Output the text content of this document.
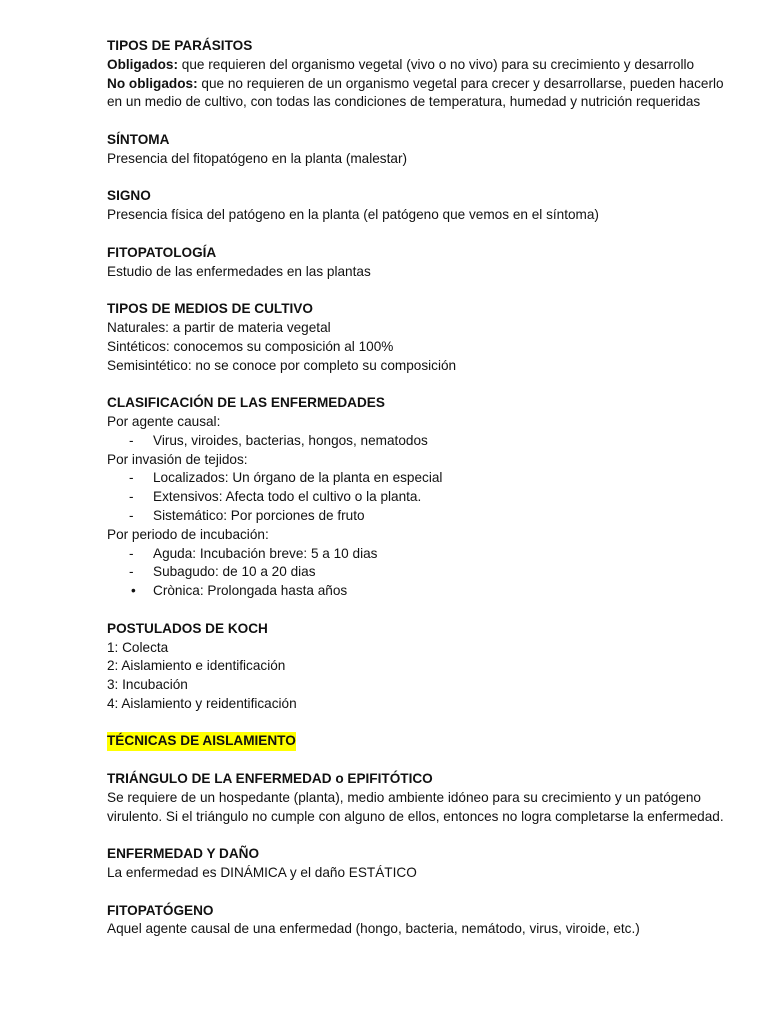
TIPOS DE PARÁSITOS
Obligados: que requieren del organismo vegetal (vivo o no vivo) para su crecimiento y desarrollo
No obligados: que no requieren de un organismo vegetal para crecer y desarrollarse, pueden hacerlo en un medio de cultivo, con todas las condiciones de temperatura, humedad y nutrición requeridas
SÍNTOMA
Presencia del fitopatógeno en la planta (malestar)
SIGNO
Presencia física del patógeno en la planta (el patógeno que vemos en el síntoma)
FITOPATOLOGÍA
Estudio de las enfermedades en las plantas
TIPOS DE MEDIOS DE CULTIVO
Naturales: a partir de materia vegetal
Sintéticos: conocemos su composición al 100%
Semisintético: no se conoce por completo su composición
CLASIFICACIÓN DE LAS ENFERMEDADES
Por agente causal:
- Virus, viroides, bacterias, hongos, nematodos
Por invasión de tejidos:
- Localizados: Un órgano de la planta en especial
- Extensivos: Afecta todo el cultivo o la planta.
- Sistemático: Por porciones de fruto
Por periodo de incubación:
- Aguda: Incubación breve: 5 a 10 dias
- Subagudo: de 10 a 20 dias
• Crònica: Prolongada hasta años
POSTULADOS DE KOCH
1: Colecta
2: Aislamiento e identificación
3: Incubación
4: Aislamiento y reidentificación
TÉCNICAS DE AISLAMIENTO
TRIÁNGULO DE LA ENFERMEDAD o EPIFITÓTICO
Se requiere de un hospedante (planta), medio ambiente idóneo para su crecimiento y un patógeno virulento. Si el triángulo no cumple con alguno de ellos, entonces no logra completarse la enfermedad.
ENFERMEDAD Y DAÑO
La enfermedad es DINÁMICA y el daño ESTÁTICO
FITOPATÓGENO
Aquel agente causal de una enfermedad (hongo, bacteria, nemátodo, virus, viroide, etc.)
